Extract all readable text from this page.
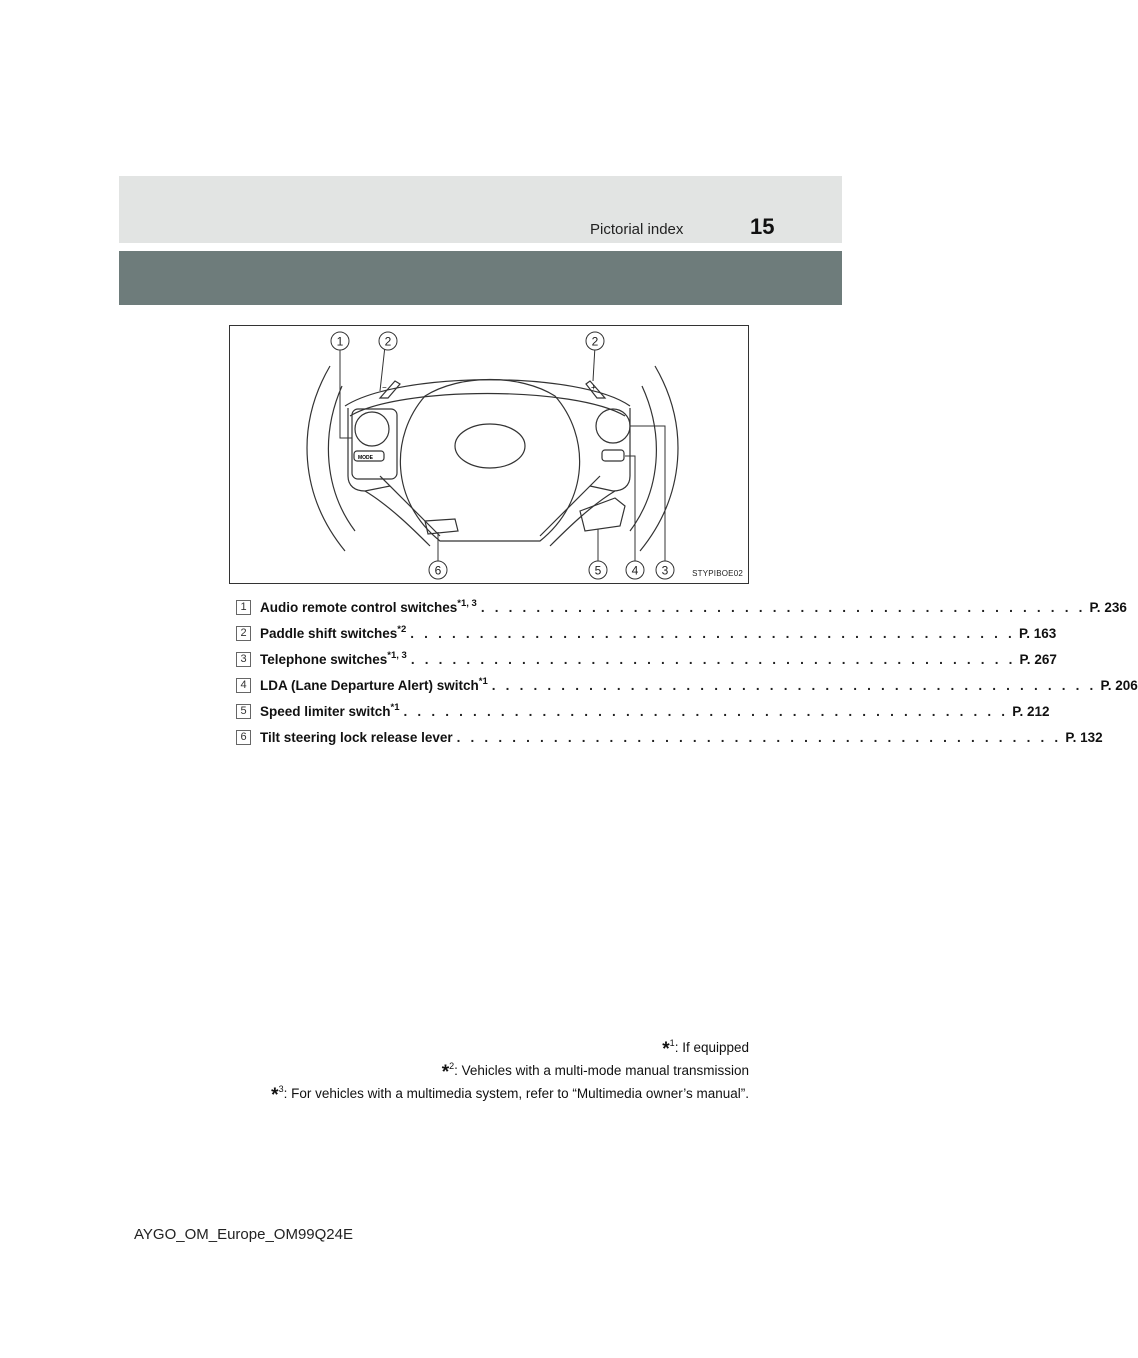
Pictorial index	15
MODE
−	+
1	2	2
6	5	4 3	STYPIBOE02
1 Audio remote control switches$^{*1, 3}$ . . . . . . . . . . . . . . . . . . . . . . . . . . . . . . . . . . . . . . . . . . . . P. 236
2 Paddle shift switches$^{*2}$ . . . . . . . . . . . . . . . . . . . . . . . . . . . . . . . . . . . . . . . . . . . . P. 163
3 Telephone switches$^{*1, 3}$ . . . . . . . . . . . . . . . . . . . . . . . . . . . . . . . . . . . . . . . . . . . . P. 267
4 LDA (Lane Departure Alert) switch$^{*1}$ . . . . . . . . . . . . . . . . . . . . . . . . . . . . . . . . . . . . . . . . . . . . P. 206
5 Speed limiter switch$^{*1}$ . . . . . . . . . . . . . . . . . . . . . . . . . . . . . . . . . . . . . . . . . . . . P. 212
6 Tilt steering lock release lever . . . . . . . . . . . . . . . . . . . . . . . . . . . . . . . . . . . . . . . . . . . . P. 132
*$^1$: If equipped
*$^2$: Vehicles with a multi-mode manual transmission
*$^3$: For vehicles with a multimedia system, refer to “Multimedia owner’s manual”.
AYGO_OM_Europe_OM99Q24E
